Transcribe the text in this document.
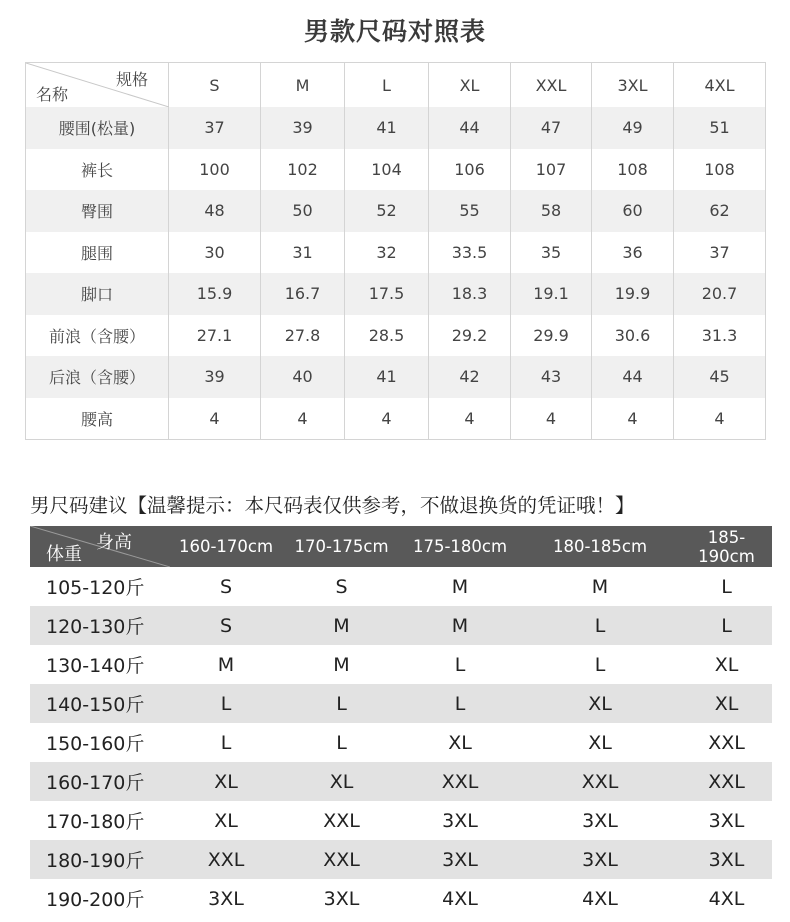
男款尺码对照表
规格
名称	S	M	L	XL	XXL	3XL	4XL
腰围(松量)	37	39	41	44	47	49	51
裤长	100	102	104	106	107	108	108
臀围	48	50	52	55	58	60	62
腿围	30	31	32	33.5	35	36	37
脚口	15.9	16.7	17.5	18.3	19.1	19.9	20.7
前浪（含腰）	27.1	27.8	28.5	29.2	29.9	30.6	31.3
后浪（含腰）	39	40	41	42	43	44	45
腰高	4	4	4	4	4	4	4
男尺码建议【温馨提示：本尺码表仅供参考，不做退换货的凭证哦！】
身高
体重	160-170cm	170-175cm	175-180cm	180-185cm	185-190cm
105-120斤	S	S	M	M	L
120-130斤	S	M	M	L	L
130-140斤	M	M	L	L	XL
140-150斤	L	L	L	XL	XL
150-160斤	L	L	XL	XL	XXL
160-170斤	XL	XL	XXL	XXL	XXL
170-180斤	XL	XXL	3XL	3XL	3XL
180-190斤	XXL	XXL	3XL	3XL	3XL
190-200斤	3XL	3XL	4XL	4XL	4XL
